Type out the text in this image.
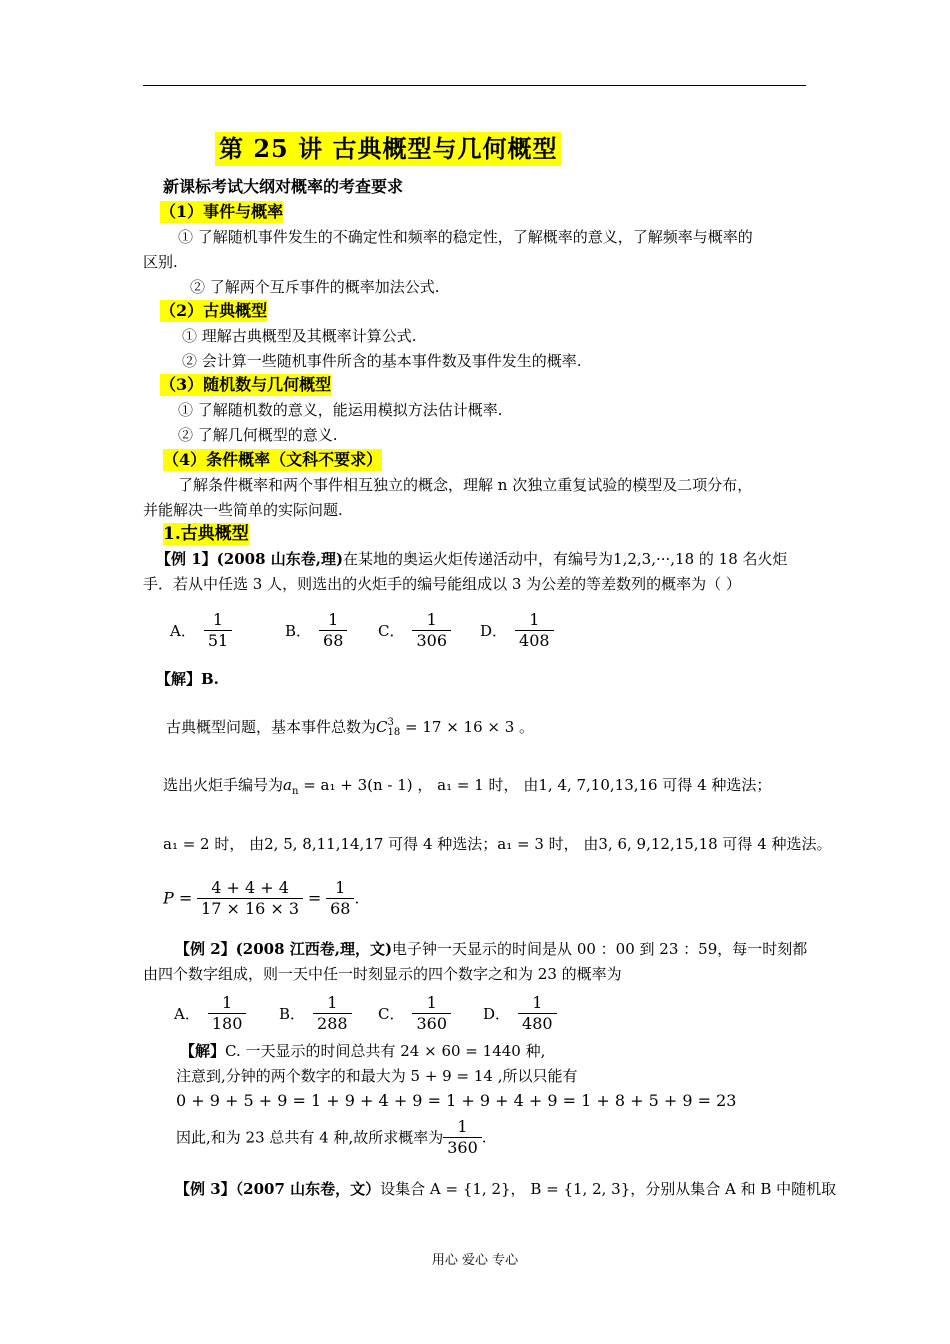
第 25 讲 古典概型与几何概型
新课标考试大纲对概率的考查要求
（1）事件与概率
① 了解随机事件发生的不确定性和频率的稳定性，了解概率的意义，了解频率与概率的
区别.
② 了解两个互斥事件的概率加法公式.
（2）古典概型
① 理解古典概型及其概率计算公式.
② 会计算一些随机事件所含的基本事件数及事件发生的概率.
（3）随机数与几何概型
① 了解随机数的意义，能运用模拟方法估计概率.
② 了解几何概型的意义.
（4）条件概率（文科不要求）
了解条件概率和两个事件相互独立的概念，理解 n 次独立重复试验的模型及二项分布，
并能解决一些简单的实际问题.
1.古典概型
【例 1】(2008 山东卷,理)在某地的奥运火炬传递活动中，有编号为1,2,3,···,18 的 18 名火炬
手．若从中任选 3 人，则选出的火炬手的编号能组成以 3 为公差的等差数列的概率为（ ）
A． $\frac{1}{51}$	B． $\frac{1}{68}$ C． $\frac{1}{306}$ D． $\frac{1}{408}$
【解】B.
古典概型问题，基本事件总数为C 3
18 = 17 × 16 × 3 。
选出火炬手编号为$a_n = a_1 + 3(n - 1)$ ， a₁ = 1 时， 由1, 4, 7,10,13,16 可得 4 种选法；
a₁ = 2 时， 由2, 5, 8,11,14,17 可得 4 种选法；a₁ = 3 时， 由3, 6, 9,12,15,18 可得 4 种选法。
$P = \frac{4 + 4 + 4}{17 \times 16 \times 3} = \frac{1}{68}$ .
【例 2】(2008 江西卷,理，文)电子钟一天显示的时间是从 00 ：00 到 23 ：59，每一时刻都
由四个数字组成，则一天中任一时刻显示的四个数字之和为 23 的概率为
A． $\frac{1}{180}$ B． $\frac{1}{288}$ C． $\frac{1}{360}$ D． $\frac{1}{480}$
【解】C. 一天显示的时间总共有 24 × 60 = 1440 种,
注意到,分钟的两个数字的和最大为 5 + 9 = 14 ,所以只能有
0 + 9 + 5 + 9 = 1 + 9 + 4 + 9 = 1 + 9 + 4 + 9 = 1 + 8 + 5 + 9 = 23
因此,和为 23 总共有 4 种,故所求概率为 $\frac{1}{360}$ .
【例 3】（2007 山东卷，文）设集合 A = {1, 2}， B = {1, 2, 3}，分别从集合 A 和 B 中随机取
用心 爱心 专心
